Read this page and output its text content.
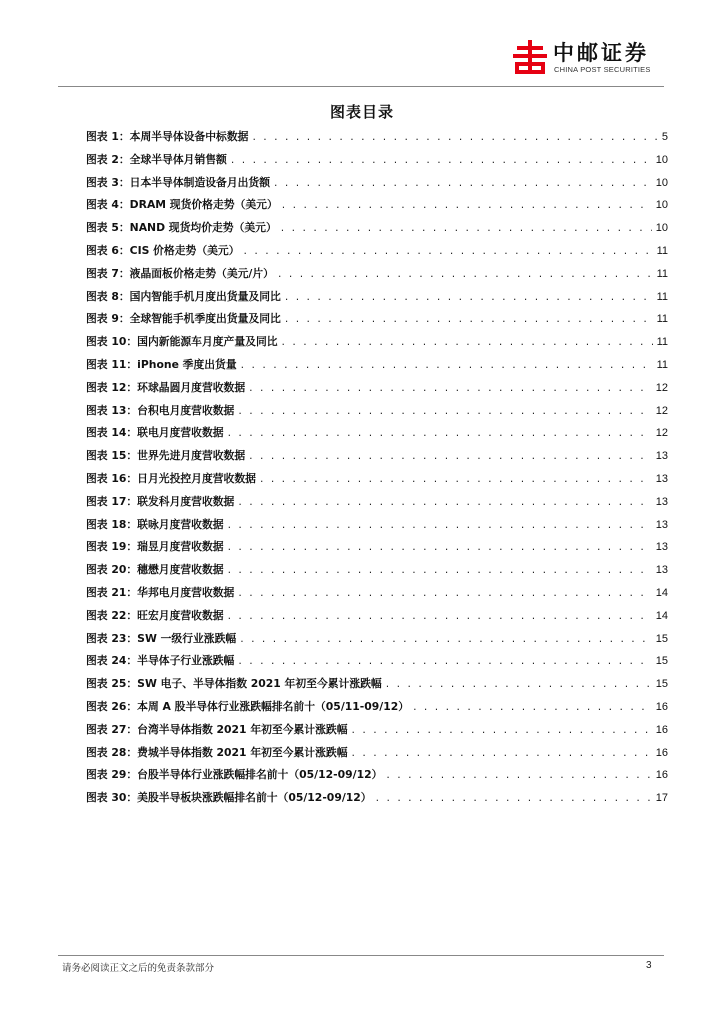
中邮证券
CHINA POST SECURITIES
图表目录
图表 1：本周半导体设备中标数据 . . .	5
图表 2：全球半导体月销售额 . . .	10
图表 3：日本半导体制造设备月出货额 . . .	10
图表 4：DRAM 现货价格走势（美元） . . .	10
图表 5：NAND 现货均价走势（美元） . . .	10
图表 6：CIS 价格走势（美元） . . .	11
图表 7：液晶面板价格走势（美元/片） . . .	11
图表 8：国内智能手机月度出货量及同比 . . .	11
图表 9：全球智能手机季度出货量及同比 . . .	11
图表 10：国内新能源车月度产量及同比 . . .	11
图表 11：iPhone 季度出货量 . . .	11
图表 12：环球晶圆月度营收数据 . . .	12
图表 13：台积电月度营收数据 . . .	12
图表 14：联电月度营收数据 . . .	12
图表 15：世界先进月度营收数据 . . .	13
图表 16：日月光投控月度营收数据 . . .	13
图表 17：联发科月度营收数据 . . .	13
图表 18：联咏月度营收数据 . . .	13
图表 19：瑞昱月度营收数据 . . .	13
图表 20：穗懋月度营收数据 . . .	13
图表 21：华邦电月度营收数据 . . .	14
图表 22：旺宏月度营收数据 . . .	14
图表 23：SW 一级行业涨跌幅 . . .	15
图表 24：半导体子行业涨跌幅 . . .	15
图表 25：SW 电子、半导体指数 2021 年初至今累计涨跌幅 . . .	15
图表 26：本周 A 股半导体行业涨跌幅排名前十（05/11-09/12） . . .	16
图表 27：台湾半导体指数 2021 年初至今累计涨跌幅 . . .	16
图表 28：费城半导体指数 2021 年初至今累计涨跌幅 . . .	16
图表 29：台股半导体行业涨跌幅排名前十（05/12-09/12） . . .	16
图表 30：美股半导板块涨跌幅排名前十（05/12-09/12） . . .	17
请务必阅读正文之后的免责条款部分	3
